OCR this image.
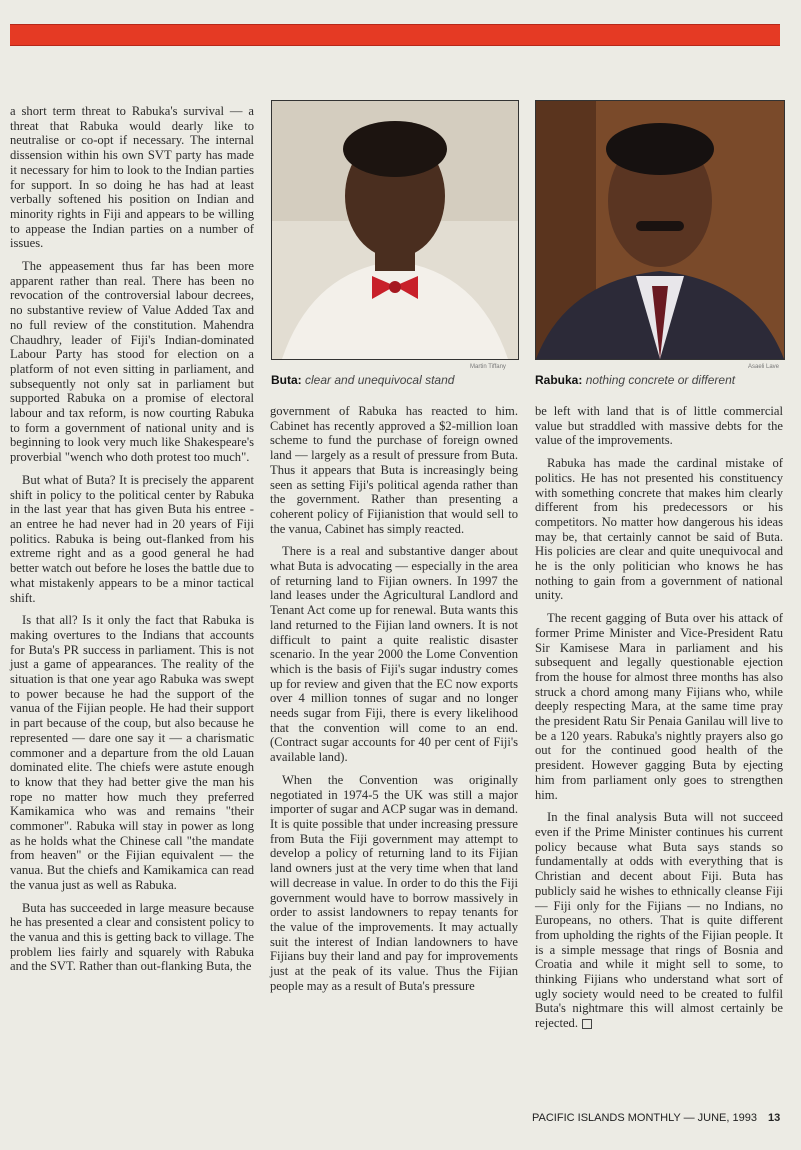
a short term threat to Rabuka's survival — a threat that Rabuka would dearly like to neutralise or co-opt if necessary. The internal dissension within his own SVT party has made it necessary for him to look to the Indian parties for support. In so doing he has had at least verbally softened his position on Indian and minority rights in Fiji and appears to be willing to appease the Indian parties on a number of issues.

The appeasement thus far has been more apparent rather than real. There has been no revocation of the controversial labour decrees, no substantive review of Value Added Tax and no full review of the constitution. Mahendra Chaudhry, leader of Fiji's Indian-dominated Labour Party has stood for election on a platform of not even sitting in parliament, and subsequently not only sat in parliament but supported Rabuka on a promise of electoral labour and tax reform, is now courting Rabuka to form a government of national unity and is beginning to look very much like Shakespeare's proverbial "wench who doth protest too much".

But what of Buta? It is precisely the apparent shift in policy to the political center by Rabuka in the last year that has given Buta his entree - an entree he had never had in 20 years of Fiji politics. Rabuka is being out-flanked from his extreme right and as a good general he had better watch out before he loses the battle due to what mistakenly appears to be a minor tactical shift.

Is that all? Is it only the fact that Rabuka is making overtures to the Indians that accounts for Buta's PR success in parliament. This is not just a game of appearances. The reality of the situation is that one year ago Rabuka was swept to power because he had the support of the vanua of the Fijian people. He had their support in part because of the coup, but also because he represented — dare one say it — a charismatic commoner and a departure from the old Lauan dominated elite. The chiefs were astute enough to know that they had better give the man his rope no matter how much they preferred Kamikamica who was and remains "their commoner". Rabuka will stay in power as long as he holds what the Chinese call "the mandate from heaven" or the Fijian equivalent — the vanua. But the chiefs and Kamikamica can read the vanua just as well as Rabuka.

Buta has succeeded in large measure because he has presented a clear and consistent policy to the vanua and this is getting back to village. The problem lies fairly and squarely with Rabuka and the SVT. Rather than out-flanking Buta, the

Martin Tiffany
Buta: clear and unequivocal stand
Asaeli Lave
Rabuka: nothing concrete or different

government of Rabuka has reacted to him. Cabinet has recently approved a $2-million loan scheme to fund the purchase of foreign owned land — largely as a result of pressure from Buta. Thus it appears that Buta is increasingly being seen as setting Fiji's political agenda rather than the government. Rather than presenting a coherent policy of Fijianistion that would sell to the vanua, Cabinet has simply reacted.

There is a real and substantive danger about what Buta is advocating — especially in the area of returning land to Fijian owners. In 1997 the land leases under the Agricultural Landlord and Tenant Act come up for renewal. Buta wants this land returned to the Fijian land owners. It is not difficult to paint a quite realistic disaster scenario. In the year 2000 the Lome Convention which is the basis of Fiji's sugar industry comes up for review and given that the EC now exports over 4 million tonnes of sugar and no longer needs sugar from Fiji, there is every likelihood that the convention will come to an end. (Contract sugar accounts for 40 per cent of Fiji's available land).

When the Convention was originally negotiated in 1974-5 the UK was still a major importer of sugar and ACP sugar was in demand. It is quite possible that under increasing pressure from Buta the Fiji government may attempt to develop a policy of returning land to its Fijian land owners just at the very time when that land will decrease in value. In order to do this the Fiji government would have to borrow massively in order to assist landowners to repay tenants for the value of the improvements. It may actually suit the interest of Indian landowners to have Fijians buy their land and pay for improvements just at the peak of its value. Thus the Fijian people may as a result of Buta's pressure

be left with land that is of little commercial value but straddled with massive debts for the value of the improvements.

Rabuka has made the cardinal mistake of politics. He has not presented his constituency with something concrete that makes him clearly different from his predecessors or his competitors. No matter how dangerous his ideas may be, that certainly cannot be said of Buta. His policies are clear and quite unequivocal and he is the only politician who knows he has nothing to gain from a government of national unity.

The recent gagging of Buta over his attack of former Prime Minister and Vice-President Ratu Sir Kamisese Mara in parliament and his subsequent and legally questionable ejection from the house for almost three months has also struck a chord among many Fijians who, while deeply respecting Mara, at the same time pray the president Ratu Sir Penaia Ganilau will live to be a 120 years. Rabuka's nightly prayers also go out for the continued good health of the president. However gagging Buta by ejecting him from parliament only goes to strengthen him.

In the final analysis Buta will not succeed even if the Prime Minister continues his current policy because what Buta says stands so fundamentally at odds with everything that is Christian and decent about Fiji. Buta has publicly said he wishes to ethnically cleanse Fiji — Fiji only for the Fijians — no Indians, no Europeans, no others. That is quite different from upholding the rights of the Fijian people. It is a simple message that rings of Bosnia and Croatia and while it might sell to some, to thinking Fijians who understand what sort of ugly society would need to be created to fulfil Buta's nightmare this will almost certainly be rejected.

PACIFIC ISLANDS MONTHLY — JUNE, 1993 13
